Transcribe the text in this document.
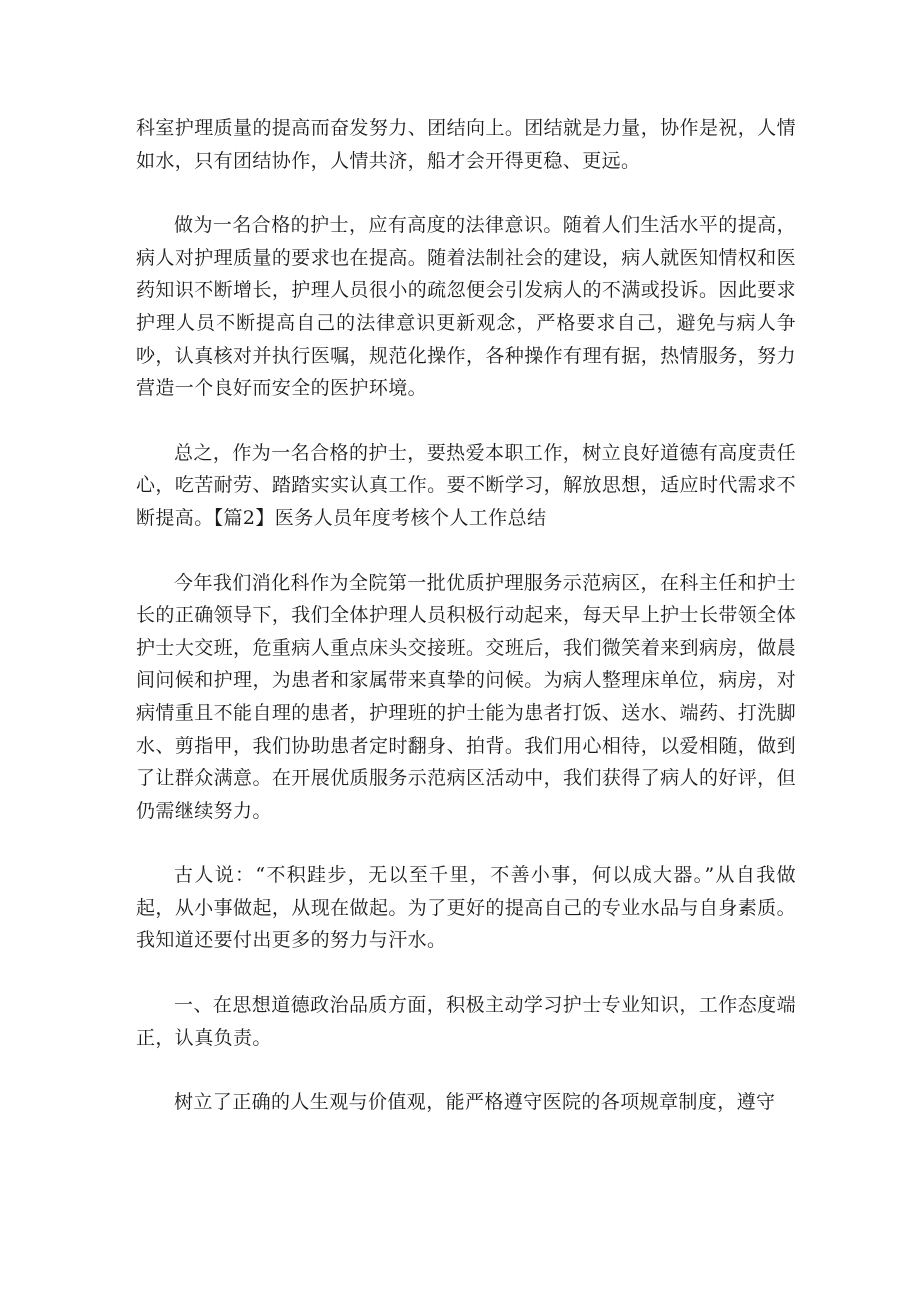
科室护理质量的提高而奋发努力、团结向上。团结就是力量，协作是祝，人情如水，只有团结协作，人情共济，船才会开得更稳、更远。

做为一名合格的护士，应有高度的法律意识。随着人们生活水平的提高，病人对护理质量的要求也在提高。随着法制社会的建设，病人就医知情权和医药知识不断增长，护理人员很小的疏忽便会引发病人的不满或投诉。因此要求护理人员不断提高自己的法律意识更新观念，严格要求自己，避免与病人争吵，认真核对并执行医嘱，规范化操作，各种操作有理有据，热情服务，努力营造一个良好而安全的医护环境。

总之，作为一名合格的护士，要热爱本职工作，树立良好道德有高度责任心，吃苦耐劳、踏踏实实认真工作。要不断学习，解放思想，适应时代需求不断提高。【篇2】医务人员年度考核个人工作总结

今年我们消化科作为全院第一批优质护理服务示范病区，在科主任和护士长的正确领导下，我们全体护理人员积极行动起来，每天早上护士长带领全体护士大交班，危重病人重点床头交接班。交班后，我们微笑着来到病房，做晨间问候和护理，为患者和家属带来真挚的问候。为病人整理床单位，病房，对病情重且不能自理的患者，护理班的护士能为患者打饭、送水、端药、打洗脚水、剪指甲，我们协助患者定时翻身、拍背。我们用心相待，以爱相随，做到了让群众满意。在开展优质服务示范病区活动中，我们获得了病人的好评，但仍需继续努力。

古人说：“不积跬步，无以至千里，不善小事，何以成大器。”从自我做起，从小事做起，从现在做起。为了更好的提高自己的专业水品与自身素质。我知道还要付出更多的努力与汗水。

一、在思想道德政治品质方面，积极主动学习护士专业知识，工作态度端正，认真负责。

树立了正确的人生观与价值观，能严格遵守医院的各项规章制度，遵守
